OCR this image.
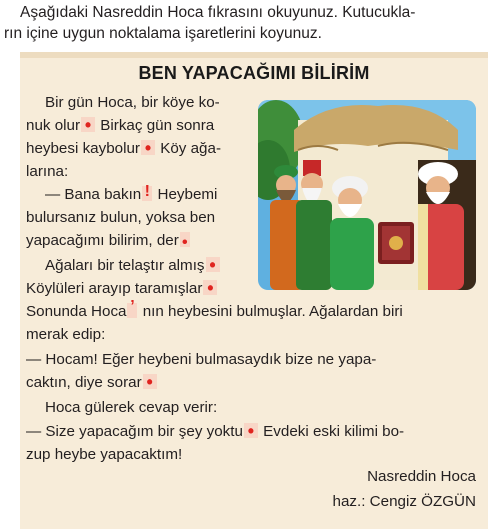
Aşağıdaki Nasreddin Hoca fıkrasını okuyunuz. Kutucukla-
rın içine uygun noktalama işaretlerini koyunuz.
BEN YAPACAĞIMI BİLİRİM
Bir gün Hoca, bir köye ko-
nuk olur • Birkaç gün sonra
heybesi kaybolur • Köy ağa-
larına:
— Bana bakın ! Heybemi
bulursanız bulun, yoksa ben
yapacağımı bilirim, der •
Ağaları bir telaştır almış •
Köylüleri arayıp taramışlar •
Sonunda Hoca ʼ nın heybesini bulmuşlar. Ağalardan biri
merak edip:
— Hocam! Eğer heybeni bulmasaydık bize ne yapa-
caktın, diye sorar •
Hoca gülerek cevap verir:
— Size yapacağım bir şey yoktu • Evdeki eski kilimi bo-
zup heybe yapacaktım!
Nasreddin Hoca
haz.: Cengiz ÖZGÜN
